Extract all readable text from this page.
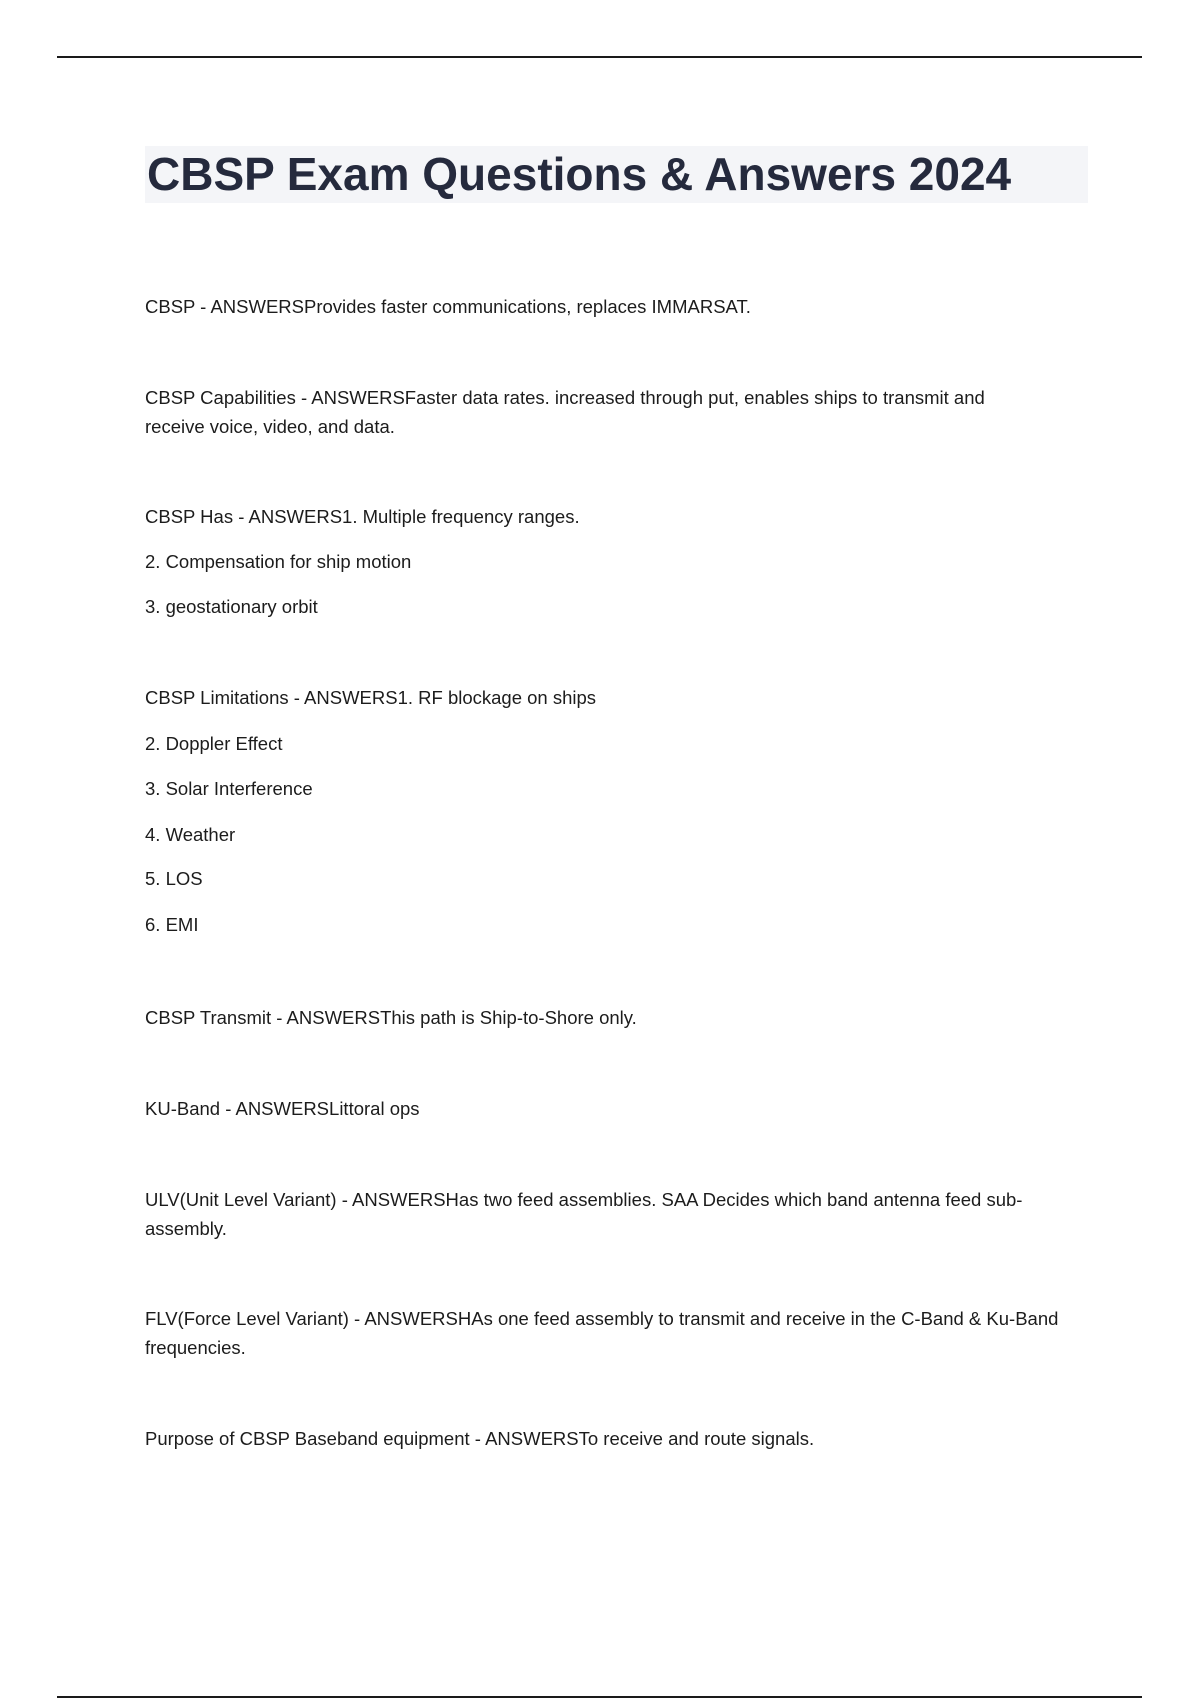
CBSP Exam Questions & Answers 2024

CBSP - ANSWERSProvides faster communications, replaces IMMARSAT.

CBSP Capabilities - ANSWERSFaster data rates. increased through put, enables ships to transmit and receive voice, video, and data.

CBSP Has - ANSWERS1. Multiple frequency ranges.

2. Compensation for ship motion

3. geostationary orbit

CBSP Limitations - ANSWERS1. RF blockage on ships

2. Doppler Effect

3. Solar Interference

4. Weather

5. LOS

6. EMI

CBSP Transmit - ANSWERSThis path is Ship-to-Shore only.

KU-Band - ANSWERSLittoral ops

ULV(Unit Level Variant) - ANSWERSHas two feed assemblies. SAA Decides which band antenna feed sub-assembly.

FLV(Force Level Variant) - ANSWERSHAs one feed assembly to transmit and receive in the C-Band & Ku-Band frequencies.

Purpose of CBSP Baseband equipment - ANSWERSTo receive and route signals.
